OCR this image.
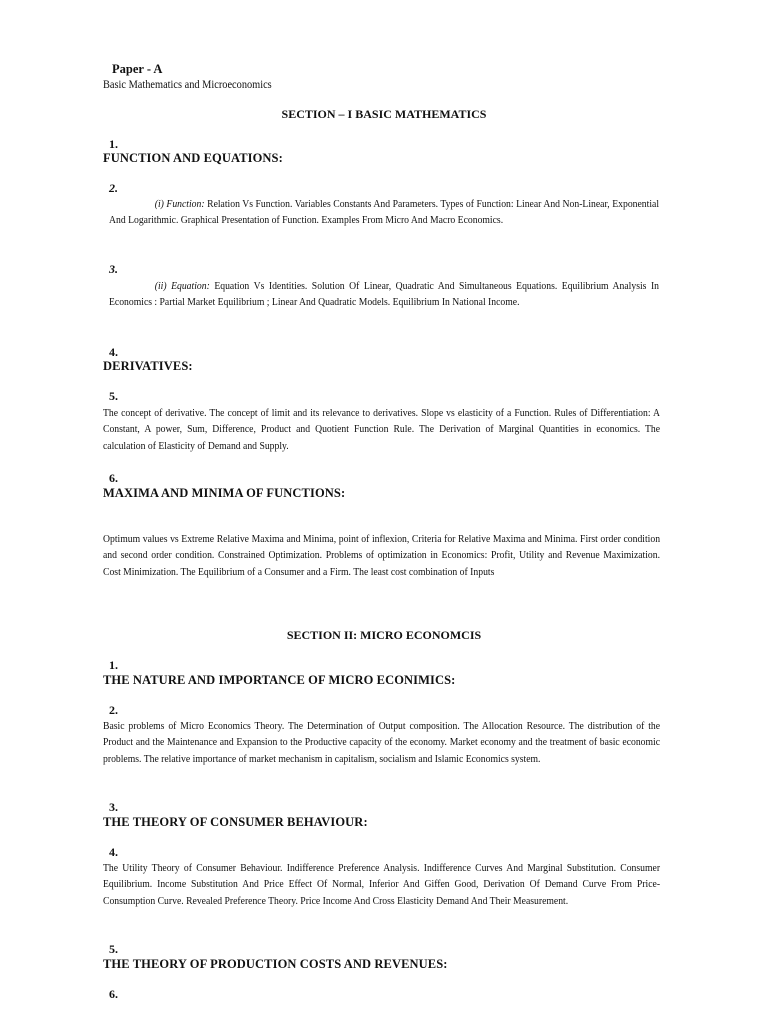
Paper - A
Basic Mathematics and Microeconomics
SECTION – I BASIC MATHEMATICS
1.
FUNCTION AND EQUATIONS:
2.
(i) Function: Relation Vs Function. Variables Constants And Parameters. Types of Function: Linear And Non-Linear, Exponential And Logarithmic. Graphical Presentation of Function. Examples From Micro And Macro Economics.
3.
(ii) Equation: Equation Vs Identities. Solution Of Linear, Quadratic And Simultaneous Equations. Equilibrium Analysis In Economics : Partial Market Equilibrium ; Linear And Quadratic Models. Equilibrium In National Income.
4.
DERIVATIVES:
5.
The concept of derivative. The concept of limit and its relevance to derivatives. Slope vs elasticity of a Function. Rules of Differentiation: A Constant, A power, Sum, Difference, Product and Quotient Function Rule. The Derivation of Marginal Quantities in economics. The calculation of Elasticity of Demand and Supply.
6.
MAXIMA AND MINIMA OF FUNCTIONS:
Optimum values vs Extreme Relative Maxima and Minima, point of inflexion, Criteria for Relative Maxima and Minima. First order condition and second order condition. Constrained Optimization. Problems of optimization in Economics: Profit, Utility and Revenue Maximization. Cost Minimization. The Equilibrium of a Consumer and a Firm. The least cost combination of Inputs
SECTION II: MICRO ECONOMCIS
1.
THE NATURE AND IMPORTANCE OF MICRO ECONIMICS:
2.
Basic problems of Micro Economics Theory. The Determination of Output composition. The Allocation Resource. The distribution of the Product and the Maintenance and Expansion to the Productive capacity of the economy. Market economy and the treatment of basic economic problems. The relative importance of market mechanism in capitalism, socialism and Islamic Economics system.
3.
THE THEORY OF CONSUMER BEHAVIOUR:
4.
The Utility Theory of Consumer Behaviour. Indifference Preference Analysis. Indifference Curves And Marginal Substitution. Consumer Equilibrium. Income Substitution And Price Effect Of Normal, Inferior And Giffen Good, Derivation Of Demand Curve From Price-Consumption Curve. Revealed Preference Theory. Price Income And Cross Elasticity Demand And Their Measurement.
5.
THE THEORY OF PRODUCTION COSTS AND REVENUES:
6.
